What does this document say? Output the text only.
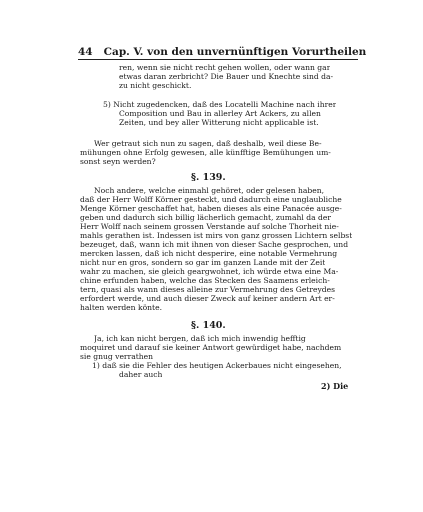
44 Cap. V. von den unvernünftigen Vorurtheilen
ren, wenn sie nicht recht gehen wollen, oder wann gar
etwas daran zerbricht? Die Bauer und Knechte sind da-
zu nicht geschickt.
5) Nicht zugedencken, daß des Locatelli Machine nach ihrer
Composition und Bau in allerley Art Ackers, zu allen
Zeiten, und bey aller Witterung nicht applicable ist.
Wer getraut sich nun zu sagen, daß deshalb, weil diese Be-
mühungen ohne Erfolg gewesen, alle künfftige Bemühungen um-
sonst seyn werden?
§. 139.
Noch andere, welche einmahl gehöret, oder gelesen haben,
daß der Herr Wolff Körner gesteckt, und dadurch eine unglaubliche
Menge Körner geschaffet hat, haben dieses als eine Panacée ausge-
geben und dadurch sich billig lächerlich gemacht, zumahl da der
Herr Wolff nach seinem grossen Verstande auf solche Thorheit nie-
mahls gerathen ist. Indessen ist mirs von ganz grossen Lichtern selbst
bezeuget, daß, wann ich mit ihnen von dieser Sache gesprochen, und
mercken lassen, daß ich nicht desperire, eine notable Vermehrung
nicht nur en gros, sondern so gar im ganzen Lande mit der Zeit
wahr zu machen, sie gleich geargwohnet, ich würde etwa eine Ma-
chine erfunden haben, welche das Stecken des Saamens erleich-
tern, quasi als wann dieses alleine zur Vermehrung des Getreydes
erfordert werde, und auch dieser Zweck auf keiner andern Art er-
halten werden könte.
§. 140.
Ja, ich kan nicht bergen, daß ich mich inwendig hefftig
moquiret und darauf sie keiner Antwort gewürdiget habe, nachdem
sie gnug verrathen
1) daß sie die Fehler des heutigen Ackerbaues nicht eingesehen,
daher auch
2) Die
